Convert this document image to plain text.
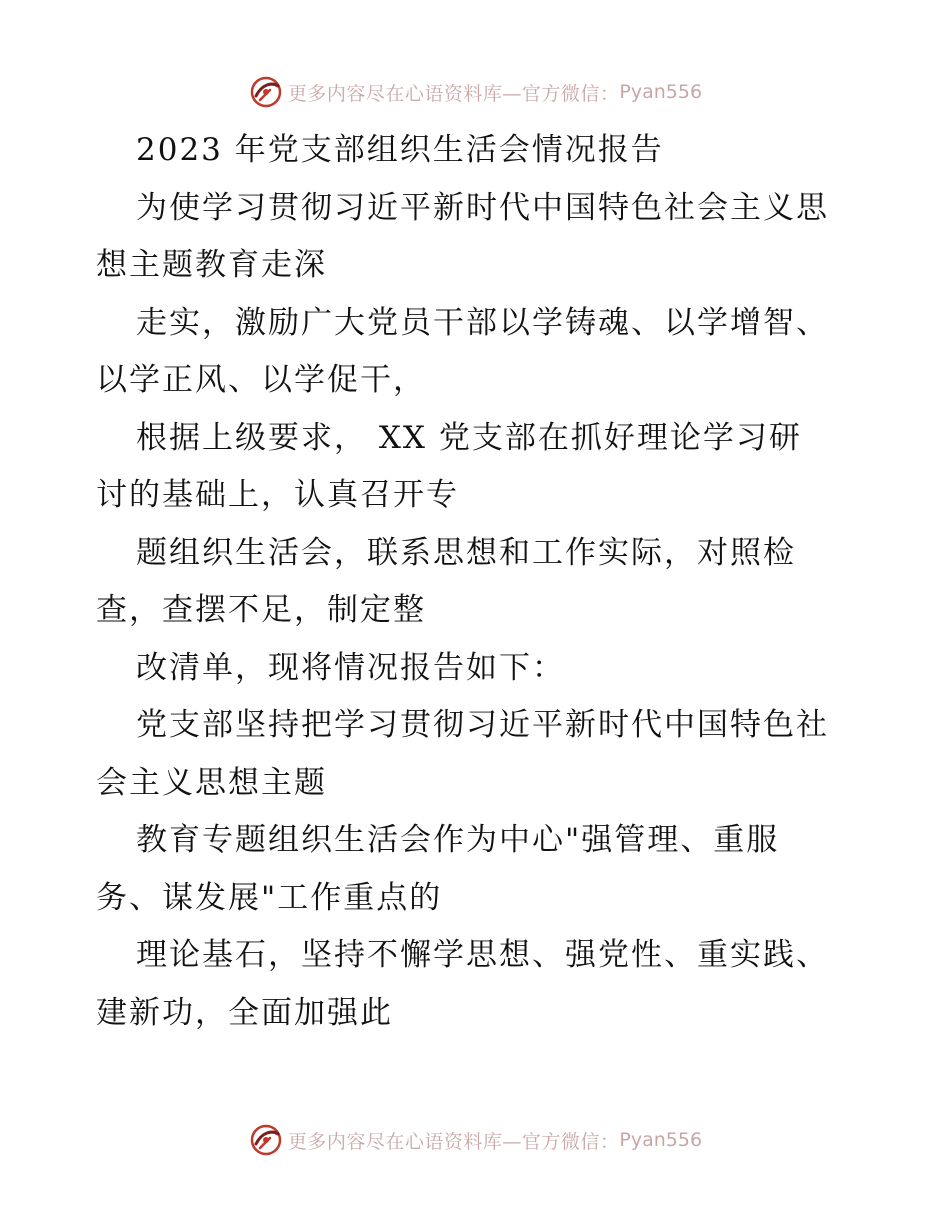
更多内容尽在心语资料库—官方微信： Pyan556
2023 年党支部组织生活会情况报告
为使学习贯彻习近平新时代中国特色社会主义思
想主题教育走深
走实，激励广大党员干部以学铸魂、以学增智、
以学正风、以学促干，
根据上级要求， XX 党支部在抓好理论学习研
讨的基础上，认真召开专
题组织生活会，联系思想和工作实际，对照检
查，查摆不足，制定整
改清单，现将情况报告如下：
党支部坚持把学习贯彻习近平新时代中国特色社
会主义思想主题
教育专题组织生活会作为中心"强管理、重服
务、谋发展"工作重点的
理论基石，坚持不懈学思想、强党性、重实践、
建新功，全面加强此
更多内容尽在心语资料库—官方微信： Pyan556
